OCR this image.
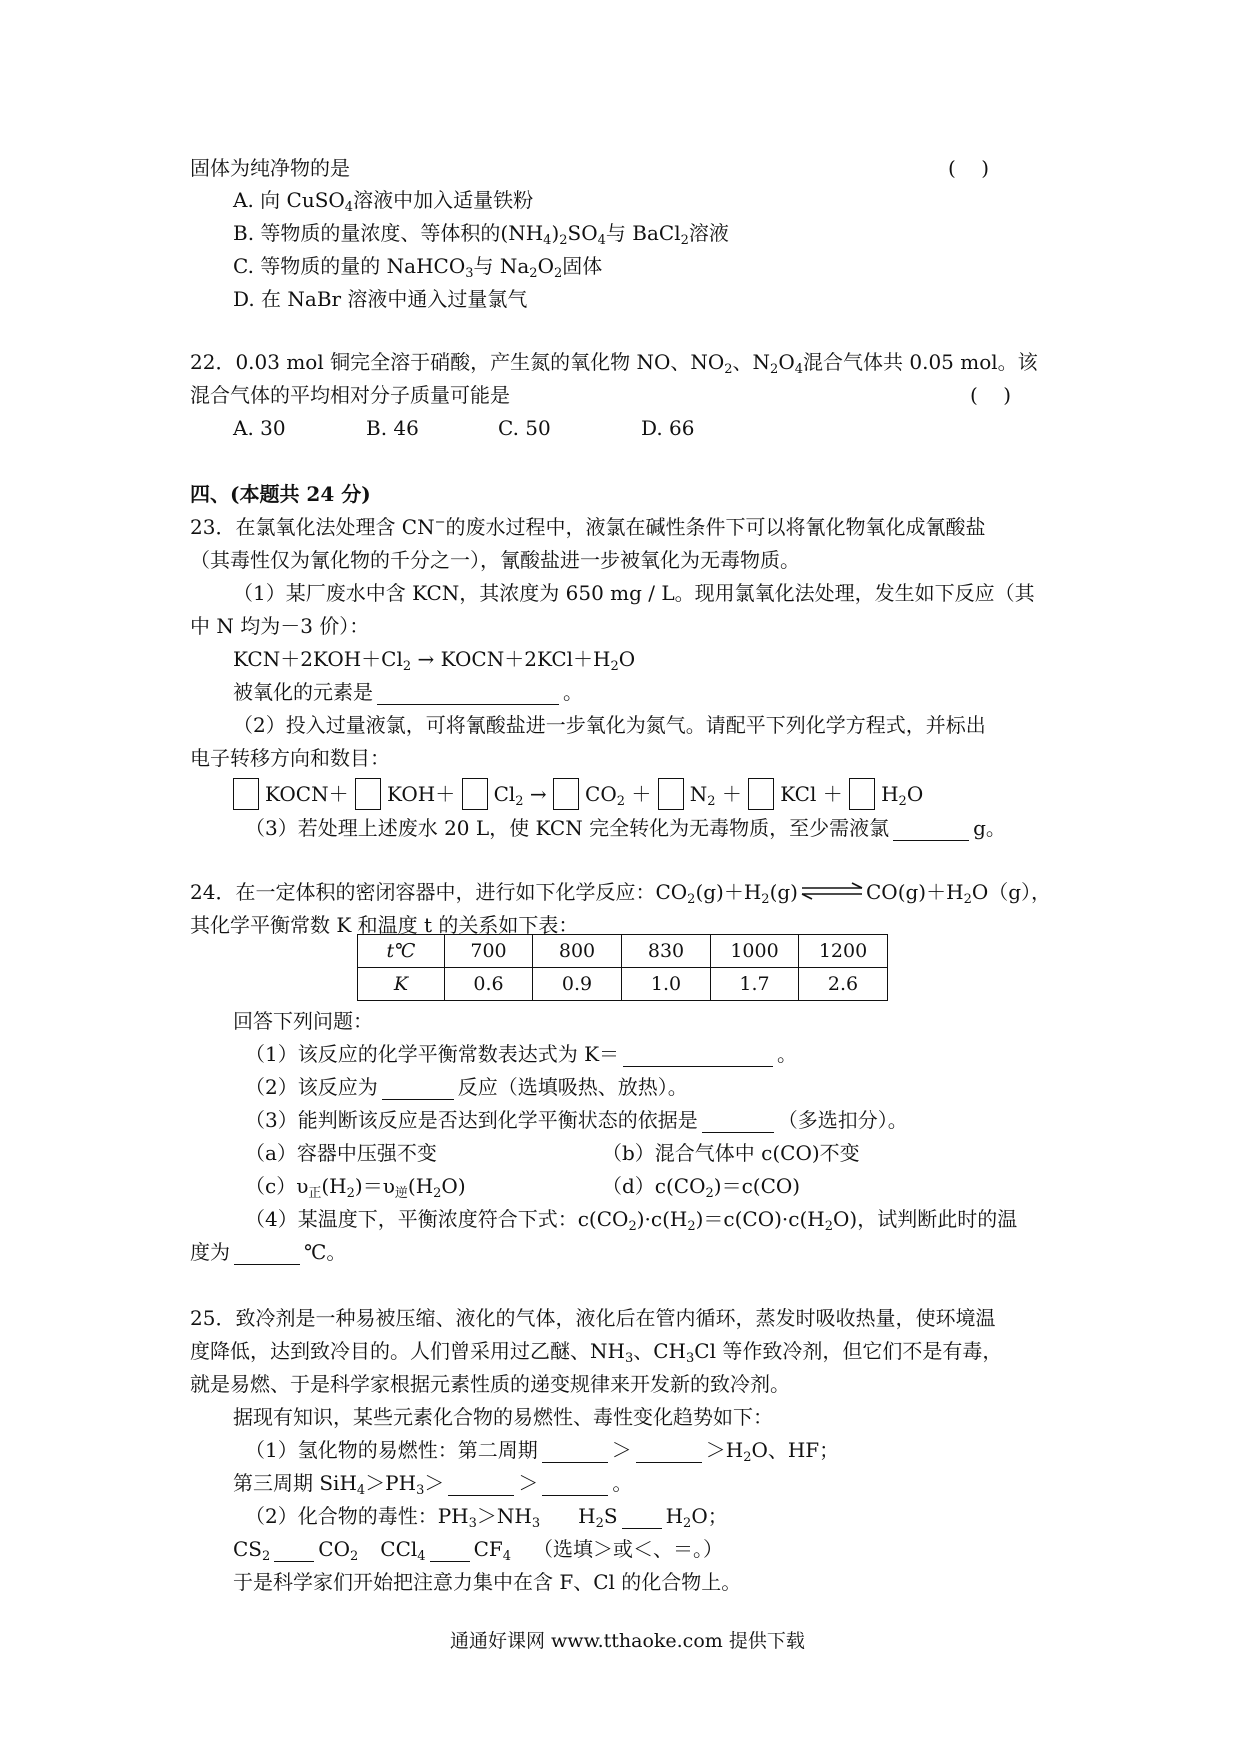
固体为纯净物的是	(    )
A. 向 CuSO$_4$溶液中加入适量铁粉
B. 等物质的量浓度、等体积的$(NH_4)_2SO_4$与 BaCl$_2$溶液
C. 等物质的量的 NaHCO$_3$与 $Na_2O_2$固体
D. 在 NaBr 溶液中通入过量氯气
22．0.03 mol 铜完全溶于硝酸，产生氮的氧化物 NO、$NO_2$、$N_2O_4$混合气体共 0.05 mol。该
混合气体的平均相对分子质量可能是	(    )
A. 30	B. 46	C. 50	D. 66
四、(本题共 24 分)
23．在氯氧化法处理含 CN−的废水过程中，液氯在碱性条件下可以将氰化物氧化成氰酸盐
（其毒性仅为氰化物的千分之一），氰酸盐进一步被氧化为无毒物质。
（1）某厂废水中含 KCN，其浓度为 650 mg / L。现用氯氧化法处理，发生如下反应（其
中 N 均为－3 价）：
$KCN+2KOH+Cl_2$ → $KOCN+2KCl+H_2O$
被氧化的元素是	。
（2）投入过量液氯，可将氰酸盐进一步氧化为氮气。请配平下列化学方程式，并标出
电子转移方向和数目：
KOCN＋ $KOH+ Cl_2 \to CO_2 + N_2$ ＋ KCl ＋ $H_2O$
（3）若处理上述废水 20 L，使 KCN 完全转化为无毒物质，至少需液氯	g。
24．在一定体积的密闭容器中，进行如下化学反应：$CO_2(g)+H_2(g)$ ⇌ $CO(g)+H_2O(g)$，
其化学平衡常数 K 和温度 t 的关系如下表：
t℃	700	800	830	1000	1200
K	0.6	0.9	1.0	1.7	2.6
回答下列问题：
（1）该反应的化学平衡常数表达式为 K＝	。
（2）该反应为	反应（选填吸热、放热）。
（3）能判断该反应是否达到化学平衡状态的依据是	（多选扣分）。
（a）容器中压强不变	（b）混合气体中 c(CO)不变
$(c)\upsilon_正(H_2)=\upsilon_逆(H_2O)$	$(d)c(CO_2)=c(CO)$
（4）某温度下，平衡浓度符合下式：$c(CO_2)\cdot c(H_2)=c(CO)\cdot c(H_2O)$，试判断此时的温
度为	℃。
25．致冷剂是一种易被压缩、液化的气体，液化后在管内循环，蒸发时吸收热量，使环境温
度降低，达到致冷目的。人们曾采用过乙醚、$NH_3$、$CH_3Cl$ 等作致冷剂，但它们不是有毒，
就是易燃、于是科学家根据元素性质的递变规律来开发新的致冷剂。
据现有知识，某些元素化合物的易燃性、毒性变化趋势如下：
（1）氢化物的易燃性：第二周期	＞	$>H_2O$、HF；
第三周期 $SiH_4>PH_3>$	＞	。
（2）化合物的毒性：$PH_3>NH_3$ $H_2S$ $H_2O$；
$CS_2$ $CO_2$ CCl$_4$ $CF_4$ （选填＞或＜、＝。）
于是科学家们开始把注意力集中在含 F、Cl 的化合物上。
通通好课网 www.tthaoke.com 提供下载
